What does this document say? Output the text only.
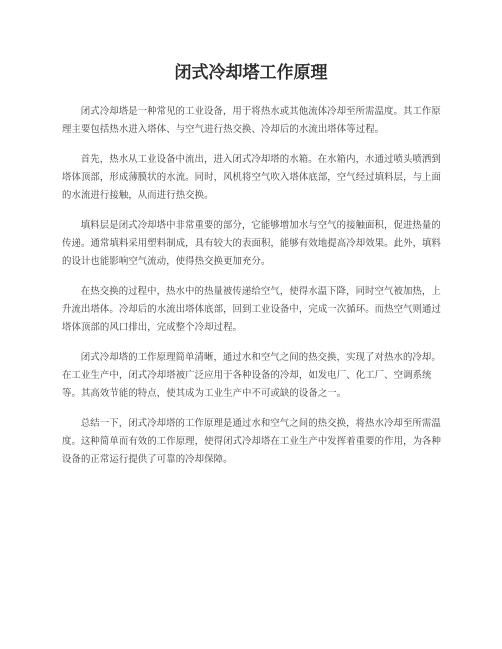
闭式冷却塔工作原理

闭式冷却塔是一种常见的工业设备，用于将热水或其他流体冷却至所需温度。其工作原理主要包括热水进入塔体、与空气进行热交换、冷却后的水流出塔体等过程。

首先，热水从工业设备中流出，进入闭式冷却塔的水箱。在水箱内，水通过喷头喷洒到塔体顶部，形成薄膜状的水流。同时，风机将空气吹入塔体底部，空气经过填料层，与上面的水流进行接触，从而进行热交换。

填料层是闭式冷却塔中非常重要的部分，它能够增加水与空气的接触面积，促进热量的传递。通常填料采用塑料制成，具有较大的表面积，能够有效地提高冷却效果。此外，填料的设计也能影响空气流动，使得热交换更加充分。

在热交换的过程中，热水中的热量被传递给空气，使得水温下降，同时空气被加热，上升流出塔体。冷却后的水流出塔体底部，回到工业设备中，完成一次循环。而热空气则通过塔体顶部的风口排出，完成整个冷却过程。

闭式冷却塔的工作原理简单清晰，通过水和空气之间的热交换，实现了对热水的冷却。在工业生产中，闭式冷却塔被广泛应用于各种设备的冷却，如发电厂、化工厂、空调系统等。其高效节能的特点，使其成为工业生产中不可或缺的设备之一。

总结一下，闭式冷却塔的工作原理是通过水和空气之间的热交换，将热水冷却至所需温度。这种简单而有效的工作原理，使得闭式冷却塔在工业生产中发挥着重要的作用，为各种设备的正常运行提供了可靠的冷却保障。
